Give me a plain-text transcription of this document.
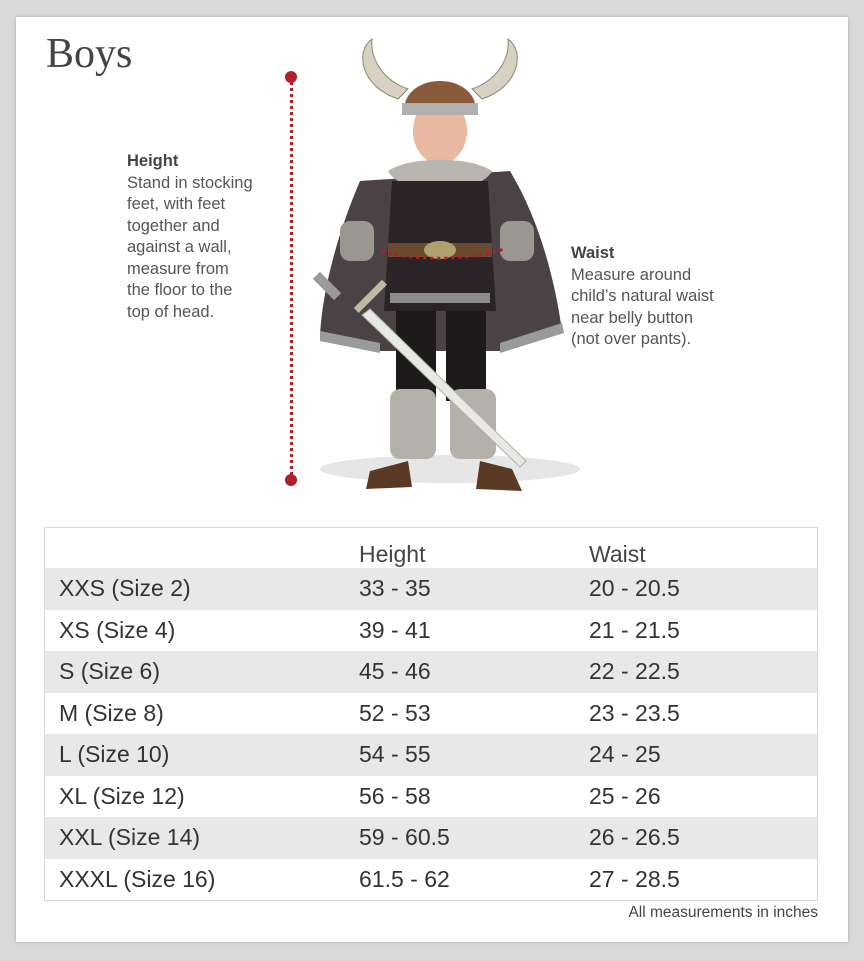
Boys
Height
Stand in stocking
feet, with feet
together and
against a wall,
measure from
the floor to the
top of head.
Waist
Measure around
child’s natural waist
near belly button
(not over pants).
	Height	Waist
XXS (Size 2)	33 - 35	20 - 20.5
XS (Size 4)	39 - 41	21 - 21.5
S (Size 6)	45 - 46	22 - 22.5
M (Size 8)	52 - 53	23 - 23.5
L (Size 10)	54 - 55	24 - 25
XL (Size 12)	56 - 58	25 - 26
XXL (Size 14)	59 - 60.5	26 - 26.5
XXXL (Size 16)	61.5 - 62	27 - 28.5
All measurements in inches
